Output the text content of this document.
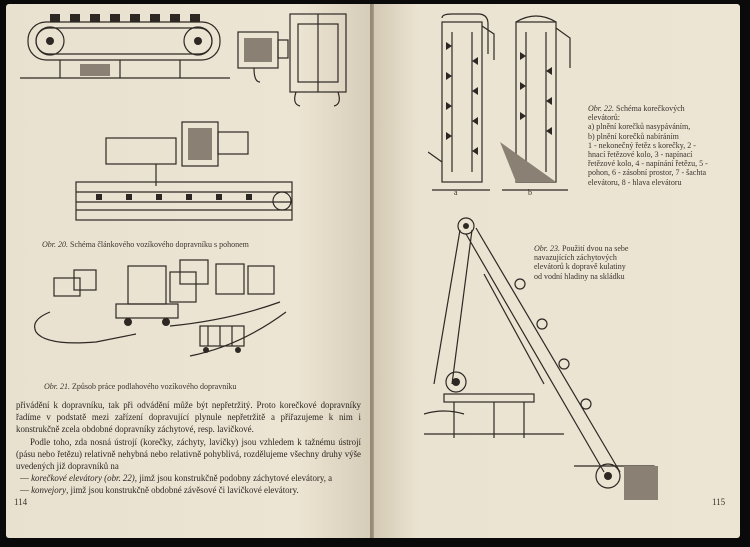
Obr. 20. Schéma článkového vozíkového dopravníku s pohonem
Obr. 21. Způsob práce podlahového vozíkového dopravníku

přivádění k dopravníku, tak při odvádění může být nepřetržitý. Proto korečkové dopravníky řadíme v podstatě mezi zařízení dopravující plynule nepřetržitě a přiřazujeme k nim i konstrukčně zcela obdobné dopravníky záchytové, resp. lavičkové.

Podle toho, zda nosná ústrojí (korečky, záchyty, lavičky) jsou vzhledem k tažnému ústrojí (pásu nebo řetězu) relativně nehybná nebo relativně pohyblivá, rozdělujeme všechny druhy výše uvedených již dopravníků na

— korečkové elevátory (obr. 22), jimž jsou konstrukčně podobny záchytové elevátory, a

— konvejory, jimž jsou konstrukčně obdobné závěsové či lavičkové elevátory.

114
a	b
Obr. 22. Schéma korečkových elevátorů:
a) plnění korečků nasypáváním,
b) plnění korečků nabíráním
1 - nekonečný řetěz s korečky, 2 - hnací řetězové kolo, 3 - napínací řetězové kolo, 4 - napínání řetězu, 5 - pohon, 6 - zásobní prostor, 7 - šachta elevátoru, 8 - hlava elevátoru
Obr. 23. Použití dvou na sebe navazujících záchytových elevátorů k dopravě kulatiny od vodní hladiny na skládku
115
